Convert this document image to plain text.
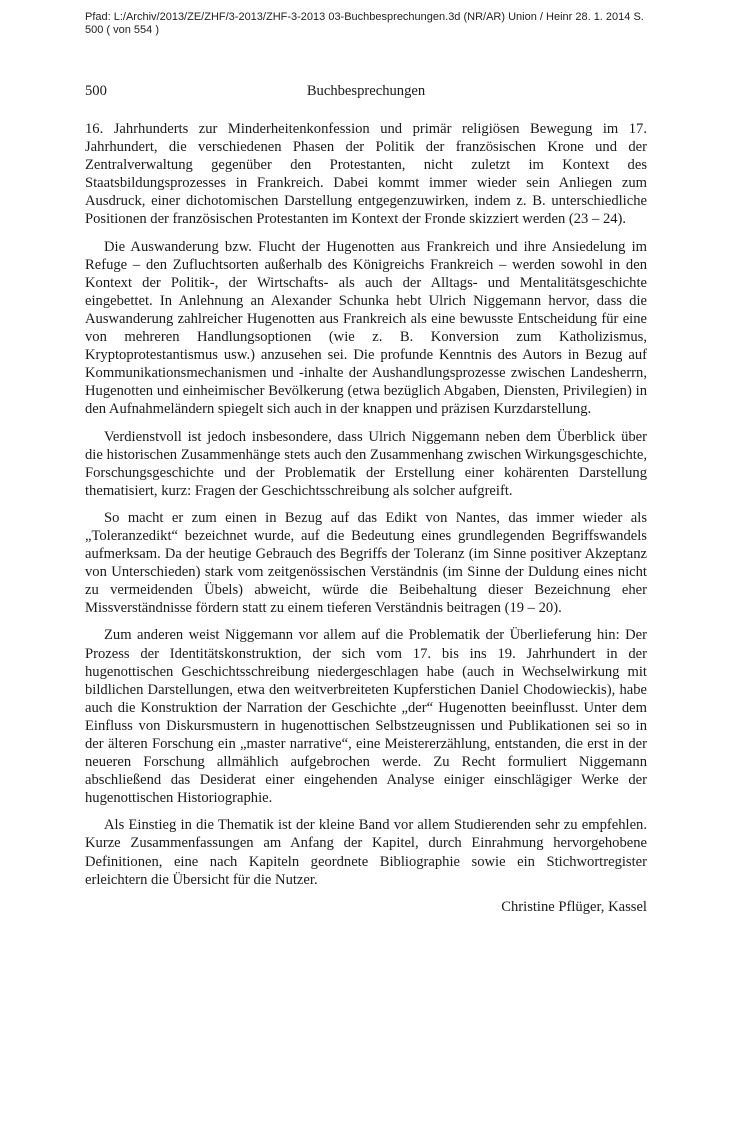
Pfad: L:/Archiv/2013/ZE/ZHF/3-2013/ZHF-3-2013 03-Buchbesprechungen.3d (NR/AR) Union / Heinr 28. 1. 2014 S. 500 ( von 554 )
500	Buchbesprechungen

16. Jahrhunderts zur Minderheitenkonfession und primär religiösen Bewegung im 17. Jahrhundert, die verschiedenen Phasen der Politik der französischen Krone und der Zentralverwaltung gegenüber den Protestanten, nicht zuletzt im Kontext des Staatsbildungsprozesses in Frankreich. Dabei kommt immer wieder sein Anliegen zum Ausdruck, einer dichotomischen Darstellung entgegenzuwirken, indem z. B. unterschiedliche Positionen der französischen Protestanten im Kontext der Fronde skizziert werden (23 – 24).

Die Auswanderung bzw. Flucht der Hugenotten aus Frankreich und ihre Ansiedelung im Refuge – den Zufluchtsorten außerhalb des Königreichs Frankreich – werden sowohl in den Kontext der Politik-, der Wirtschafts- als auch der Alltags- und Mentalitätsgeschichte eingebettet. In Anlehnung an Alexander Schunka hebt Ulrich Niggemann hervor, dass die Auswanderung zahlreicher Hugenotten aus Frankreich als eine bewusste Entscheidung für eine von mehreren Handlungsoptionen (wie z. B. Konversion zum Katholizismus, Kryptoprotestantismus usw.) anzusehen sei. Die profunde Kenntnis des Autors in Bezug auf Kommunikationsmechanismen und -inhalte der Aushandlungsprozesse zwischen Landesherrn, Hugenotten und einheimischer Bevölkerung (etwa bezüglich Abgaben, Diensten, Privilegien) in den Aufnahmeländern spiegelt sich auch in der knappen und präzisen Kurzdarstellung.

Verdienstvoll ist jedoch insbesondere, dass Ulrich Niggemann neben dem Überblick über die historischen Zusammenhänge stets auch den Zusammenhang zwischen Wirkungsgeschichte, Forschungsgeschichte und der Problematik der Erstellung einer kohärenten Darstellung thematisiert, kurz: Fragen der Geschichtsschreibung als solcher aufgreift.

So macht er zum einen in Bezug auf das Edikt von Nantes, das immer wieder als „Toleranzedikt“ bezeichnet wurde, auf die Bedeutung eines grundlegenden Begriffswandels aufmerksam. Da der heutige Gebrauch des Begriffs der Toleranz (im Sinne positiver Akzeptanz von Unterschieden) stark vom zeitgenössischen Verständnis (im Sinne der Duldung eines nicht zu vermeidenden Übels) abweicht, würde die Beibehaltung dieser Bezeichnung eher Missverständnisse fördern statt zu einem tieferen Verständnis beitragen (19 – 20).

Zum anderen weist Niggemann vor allem auf die Problematik der Überlieferung hin: Der Prozess der Identitätskonstruktion, der sich vom 17. bis ins 19. Jahrhundert in der hugenottischen Geschichtsschreibung niedergeschlagen habe (auch in Wechselwirkung mit bildlichen Darstellungen, etwa den weitverbreiteten Kupferstichen Daniel Chodowieckis), habe auch die Konstruktion der Narration der Geschichte „der“ Hugenotten beeinflusst. Unter dem Einfluss von Diskursmustern in hugenottischen Selbstzeugnissen und Publikationen sei so in der älteren Forschung ein „master narrative“, eine Meistererzählung, entstanden, die erst in der neueren Forschung allmählich aufgebrochen werde. Zu Recht formuliert Niggemann abschließend das Desiderat einer eingehenden Analyse einiger einschlägiger Werke der hugenottischen Historiographie.

Als Einstieg in die Thematik ist der kleine Band vor allem Studierenden sehr zu empfehlen. Kurze Zusammenfassungen am Anfang der Kapitel, durch Einrahmung hervorgehobene Definitionen, eine nach Kapiteln geordnete Bibliographie sowie ein Stichwortregister erleichtern die Übersicht für die Nutzer.

Christine Pflüger, Kassel
